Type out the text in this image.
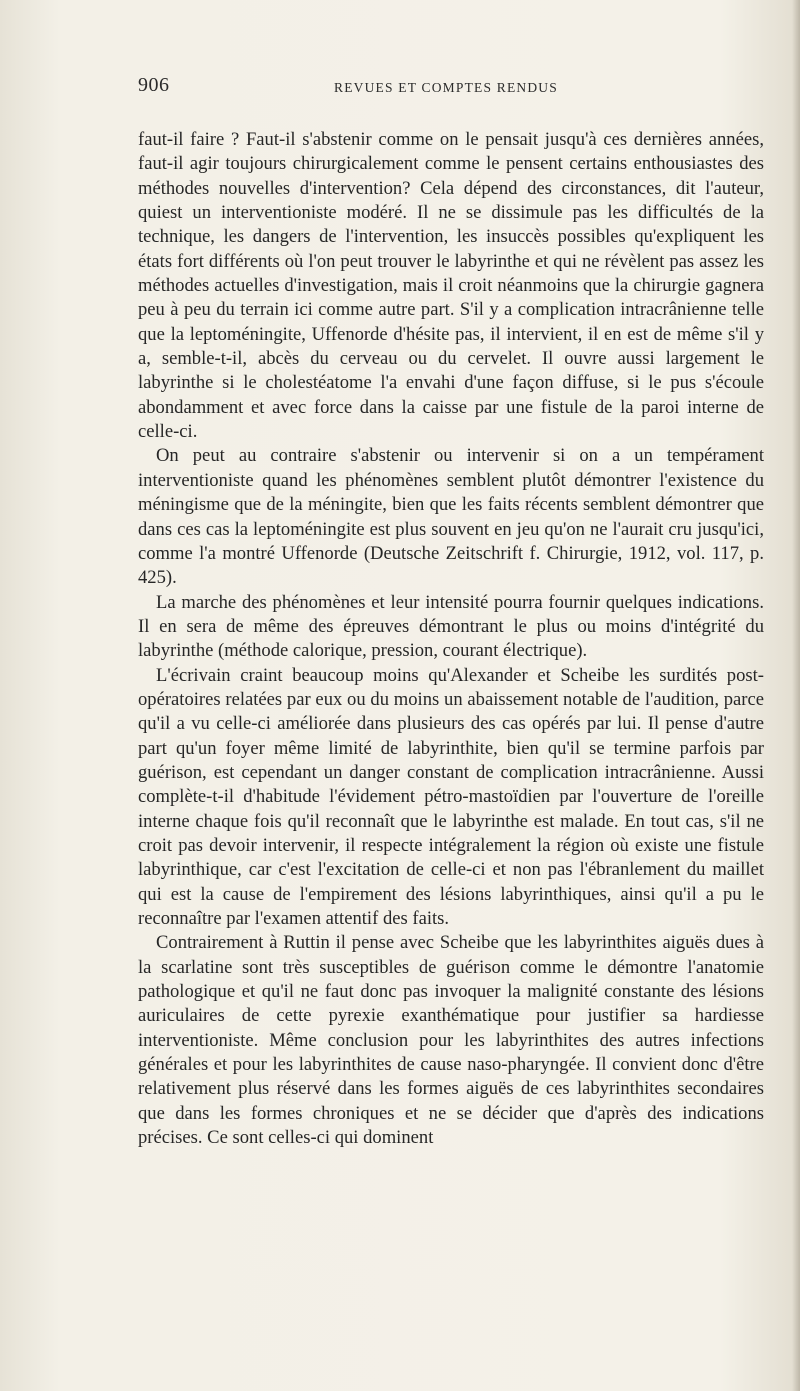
906	REVUES ET COMPTES RENDUS

faut-il faire ? Faut-il s'abstenir comme on le pensait jusqu'à ces dernières années, faut-il agir toujours chirurgicalement comme le pensent certains enthousiastes des méthodes nouvelles d'intervention? Cela dépend des circonstances, dit l'auteur, quiest un interventioniste modéré. Il ne se dissimule pas les difficultés de la technique, les dangers de l'intervention, les insuccès possibles qu'expliquent les états fort différents où l'on peut trouver le labyrinthe et qui ne révèlent pas assez les méthodes actuelles d'investigation, mais il croit néanmoins que la chirurgie gagnera peu à peu du terrain ici comme autre part. S'il y a complication intracrânienne telle que la leptoméningite, Uffenorde d'hésite pas, il intervient, il en est de même s'il y a, semble-t-il, abcès du cerveau ou du cervelet. Il ouvre aussi largement le labyrinthe si le cholestéatome l'a envahi d'une façon diffuse, si le pus s'écoule abondamment et avec force dans la caisse par une fistule de la paroi interne de celle-ci.

On peut au contraire s'abstenir ou intervenir si on a un tempérament interventioniste quand les phénomènes semblent plutôt démontrer l'existence du méningisme que de la méningite, bien que les faits récents semblent démontrer que dans ces cas la leptoméningite est plus souvent en jeu qu'on ne l'aurait cru jusqu'ici, comme l'a montré Uffenorde (Deutsche Zeitschrift f. Chirurgie, 1912, vol. 117, p. 425).

La marche des phénomènes et leur intensité pourra fournir quelques indications. Il en sera de même des épreuves démontrant le plus ou moins d'intégrité du labyrinthe (méthode calorique, pression, courant électrique).

L'écrivain craint beaucoup moins qu'Alexander et Scheibe les surdités post-opératoires relatées par eux ou du moins un abaissement notable de l'audition, parce qu'il a vu celle-ci améliorée dans plusieurs des cas opérés par lui. Il pense d'autre part qu'un foyer même limité de labyrinthite, bien qu'il se termine parfois par guérison, est cependant un danger constant de complication intracrânienne. Aussi complète-t-il d'habitude l'évidement pétro-mastoïdien par l'ouverture de l'oreille interne chaque fois qu'il reconnaît que le labyrinthe est malade. En tout cas, s'il ne croit pas devoir intervenir, il respecte intégralement la région où existe une fistule labyrinthique, car c'est l'excitation de celle-ci et non pas l'ébranlement du maillet qui est la cause de l'empirement des lésions labyrinthiques, ainsi qu'il a pu le reconnaître par l'examen attentif des faits.

Contrairement à Ruttin il pense avec Scheibe que les labyrinthites aiguës dues à la scarlatine sont très susceptibles de guérison comme le démontre l'anatomie pathologique et qu'il ne faut donc pas invoquer la malignité constante des lésions auriculaires de cette pyrexie exanthématique pour justifier sa hardiesse interventioniste. Même conclusion pour les labyrinthites des autres infections générales et pour les labyrinthites de cause naso-pharyngée. Il convient donc d'être relativement plus réservé dans les formes aiguës de ces labyrinthites secondaires que dans les formes chroniques et ne se décider que d'après des indications précises. Ce sont celles-ci qui dominent
